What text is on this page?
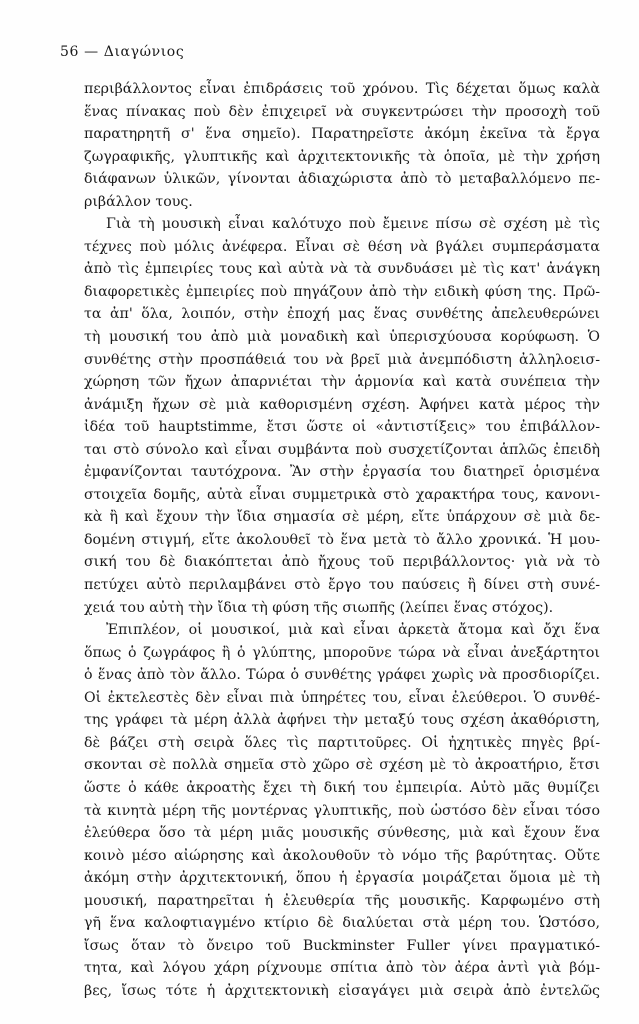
56 — Διαγώνιος
περιβάλλοντος εἶναι ἐπιδράσεις τοῦ χρόνου. Τὶς δέχεται ὅμως καλὰ
ἕνας πίνακας ποὺ δὲν ἐπιχειρεῖ νὰ συγκεντρώσει τὴν προσοχὴ τοῦ
παρατηρητῆ σ' ἕνα σημεῖο). Παρατηρεῖστε ἀκόμη ἐκεῖνα τὰ ἔργα
ζωγραφικῆς, γλυπτικῆς καὶ ἀρχιτεκτονικῆς τὰ ὁποῖα, μὲ τὴν χρήση
διάφανων ὑλικῶν, γίνονται ἀδιαχώριστα ἀπὸ τὸ μεταβαλλόμενο πε-
ριβάλλον τους.
Γιὰ τὴ μουσικὴ εἶναι καλότυχο ποὺ ἔμεινε πίσω σὲ σχέση μὲ τὶς
τέχνες ποὺ μόλις ἀνέφερα. Εἶναι σὲ θέση νὰ βγάλει συμπεράσματα
ἀπὸ τὶς ἐμπειρίες τους καὶ αὐτὰ νὰ τὰ συνδυάσει μὲ τὶς κατ' ἀνάγκη
διαφορετικὲς ἐμπειρίες ποὺ πηγάζουν ἀπὸ τὴν ειδικὴ φύση της. Πρῶ-
τα ἀπ' ὅλα, λοιπόν, στὴν ἐποχή μας ἕνας συνθέτης ἀπελευθερώνει
τὴ μουσική του ἀπὸ μιὰ μοναδικὴ καὶ ὑπερισχύουσα κορύφωση. Ὁ
συνθέτης στὴν προσπάθειά του νὰ βρεῖ μιὰ ἀνεμπόδιστη ἀλληλοεισ-
χώρηση τῶν ἤχων ἀπαρνιέται τὴν ἁρμονία καὶ κατὰ συνέπεια τὴν
ἀνάμιξη ἤχων σὲ μιὰ καθορισμένη σχέση. Ἀφήνει κατὰ μέρος τὴν
ἰδέα τοῦ hauptstimme, ἔτσι ὥστε οἱ «ἀντιστίξεις» του ἐπιβάλλον-
ται στὸ σύνολο καὶ εἶναι συμβάντα ποὺ συσχετίζονται ἁπλῶς ἐπειδὴ
ἐμφανίζονται ταυτόχρονα. Ἂν στὴν ἐργασία του διατηρεῖ ὁρισμένα
στοιχεῖα δομῆς, αὐτὰ εἶναι συμμετρικὰ στὸ χαρακτήρα τους, κανονι-
κὰ ἢ καὶ ἔχουν τὴν ἴδια σημασία σὲ μέρη, εἴτε ὑπάρχουν σὲ μιὰ δε-
δομένη στιγμή, εἴτε ἀκολουθεῖ τὸ ἕνα μετὰ τὸ ἄλλο χρονικά. Ἡ μου-
σική του δὲ διακόπτεται ἀπὸ ἤχους τοῦ περιβάλλοντος· γιὰ νὰ τὸ
πετύχει αὐτὸ περιλαμβάνει στὸ ἔργο του παύσεις ἢ δίνει στὴ συνέ-
χειά του αὐτὴ τὴν ἴδια τὴ φύση τῆς σιωπῆς (λείπει ἕνας στόχος).
Ἐπιπλέον, οἱ μουσικοί, μιὰ καὶ εἶναι ἀρκετὰ ἄτομα καὶ ὄχι ἕνα
ὅπως ὁ ζωγράφος ἢ ὁ γλύπτης, μποροῦνε τώρα νὰ εἶναι ἀνεξάρτητοι
ὁ ἕνας ἀπὸ τὸν ἄλλο. Τώρα ὁ συνθέτης γράφει χωρὶς νὰ προσδιορίζει.
Οἱ ἐκτελεστὲς δὲν εἶναι πιὰ ὑπηρέτες του, εἶναι ἐλεύθεροι. Ὁ συνθέ-
της γράφει τὰ μέρη ἀλλὰ ἀφήνει τὴν μεταξύ τους σχέση ἀκαθόριστη,
δὲ βάζει στὴ σειρὰ ὅλες τὶς παρτιτοῦρες. Οἱ ἠχητικὲς πηγὲς βρί-
σκονται σὲ πολλὰ σημεῖα στὸ χῶρο σὲ σχέση μὲ τὸ ἀκροατήριο, ἔτσι
ὥστε ὁ κάθε ἀκροατὴς ἔχει τὴ δική του ἐμπειρία. Αὐτὸ μᾶς θυμίζει
τὰ κινητὰ μέρη τῆς μοντέρνας γλυπτικῆς, ποὺ ὡστόσο δὲν εἶναι τόσο
ἐλεύθερα ὅσο τὰ μέρη μιᾶς μουσικῆς σύνθεσης, μιὰ καὶ ἔχουν ἕνα
κοινὸ μέσο αἰώρησης καὶ ἀκολουθοῦν τὸ νόμο τῆς βαρύτητας. Οὔτε
ἀκόμη στὴν ἀρχιτεκτονική, ὅπου ἡ ἐργασία μοιράζεται ὅμοια μὲ τὴ
μουσική, παρατηρεῖται ἡ ἐλευθερία τῆς μουσικῆς. Καρφωμένο στὴ
γῆ ἕνα καλοφτιαγμένο κτίριο δὲ διαλύεται στὰ μέρη του. Ὡστόσο,
ἴσως ὅταν τὸ ὄνειρο τοῦ Buckminster Fuller γίνει πραγματικό-
τητα, καὶ λόγου χάρη ρίχνουμε σπίτια ἀπὸ τὸν ἀέρα ἀντὶ γιὰ βόμ-
βες, ἴσως τότε ἡ ἀρχιτεκτονικὴ εἰσαγάγει μιὰ σειρὰ ἀπὸ ἐντελῶς
